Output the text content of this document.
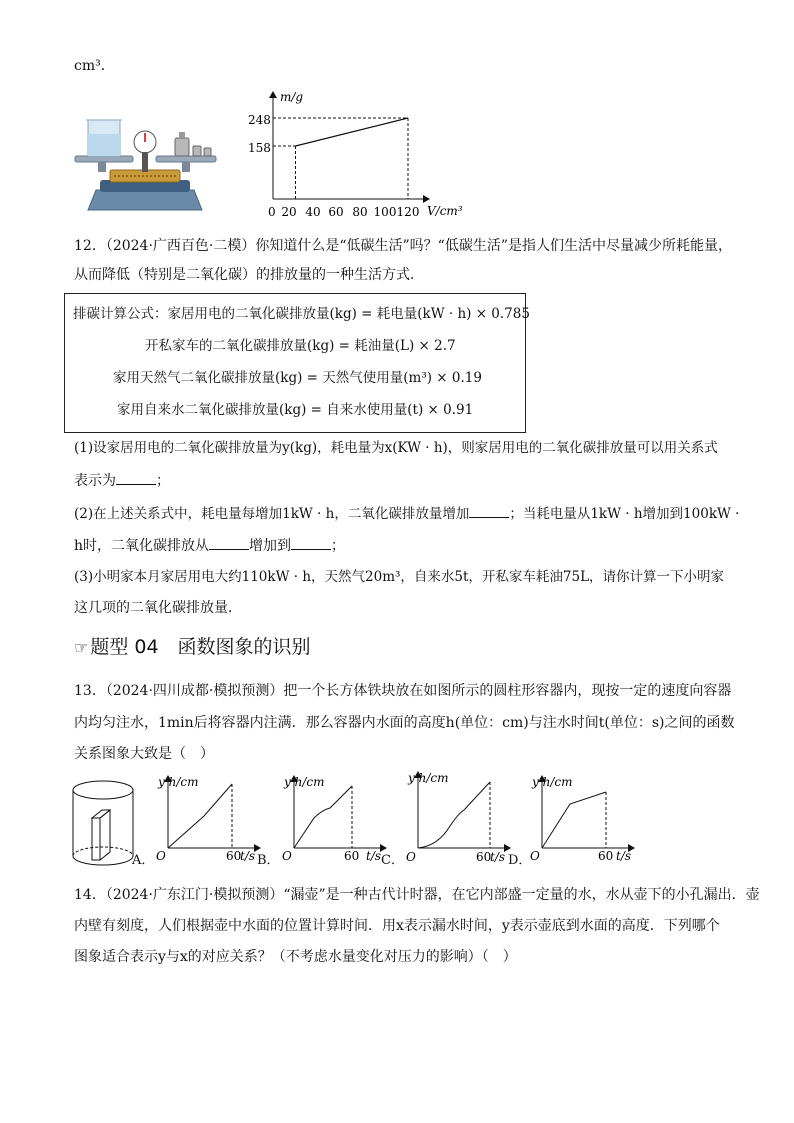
cm³．
m/g
V/cm³
0
248
158
20 40 60 80 100 120
12．（2024·广西百色·二模）你知道什么是“低碳生活”吗？“低碳生活”是指人们生活中尽量减少所耗能量，
从而降低（特别是二氧化碳）的排放量的一种生活方式．
排碳计算公式：家居用电的二氧化碳排放量(kg) = 耗电量(kW · h) × 0.785
开私家车的二氧化碳排放量(kg) = 耗油量(L) × 2.7
家用天然气二氧化碳排放量(kg) = 天然气使用量(m³) × 0.19
家用自来水二氧化碳排放量(kg) = 自来水使用量(t) × 0.91
(1)设家居用电的二氧化碳排放量为y(kg)，耗电量为x(KW · h)，则家居用电的二氧化碳排放量可以用关系式
表示为	；
(2)在上述关系式中，耗电量每增加1kW · h，二氧化碳排放量增加	；当耗电量从1kW · h增加到100kW ·
h时，二氧化碳排放从	增加到	；
(3)小明家本月家居用电大约110kW · h，天然气20m³，自来水5t，开私家车耗油75L，请你计算一下小明家
这几项的二氧化碳排放量．
☞ 题型 04　函数图象的识别
13．（2024·四川成都·模拟预测）把一个长方体铁块放在如图所示的圆柱形容器内，现按一定的速度向容器
内均匀注水，1min后将容器内注满．那么容器内水面的高度h(单位：cm)与注水时间t(单位：s)之间的函数
关系图象大致是（　）
A．
y h/cm
t/s
O	60 B．
y h/cm
t/s
O	60 C．
y h/cm
t/s
O	60 D．
y h/cm
t/s
O	60
14．（2024·广东江门·模拟预测）“漏壶”是一种古代计时器，在它内部盛一定量的水，水从壶下的小孔漏出．壶
内壁有刻度，人们根据壶中水面的位置计算时间．用x表示漏水时间，y表示壶底到水面的高度．下列哪个
图象适合表示y与x的对应关系？（不考虑水量变化对压力的影响）（　）
